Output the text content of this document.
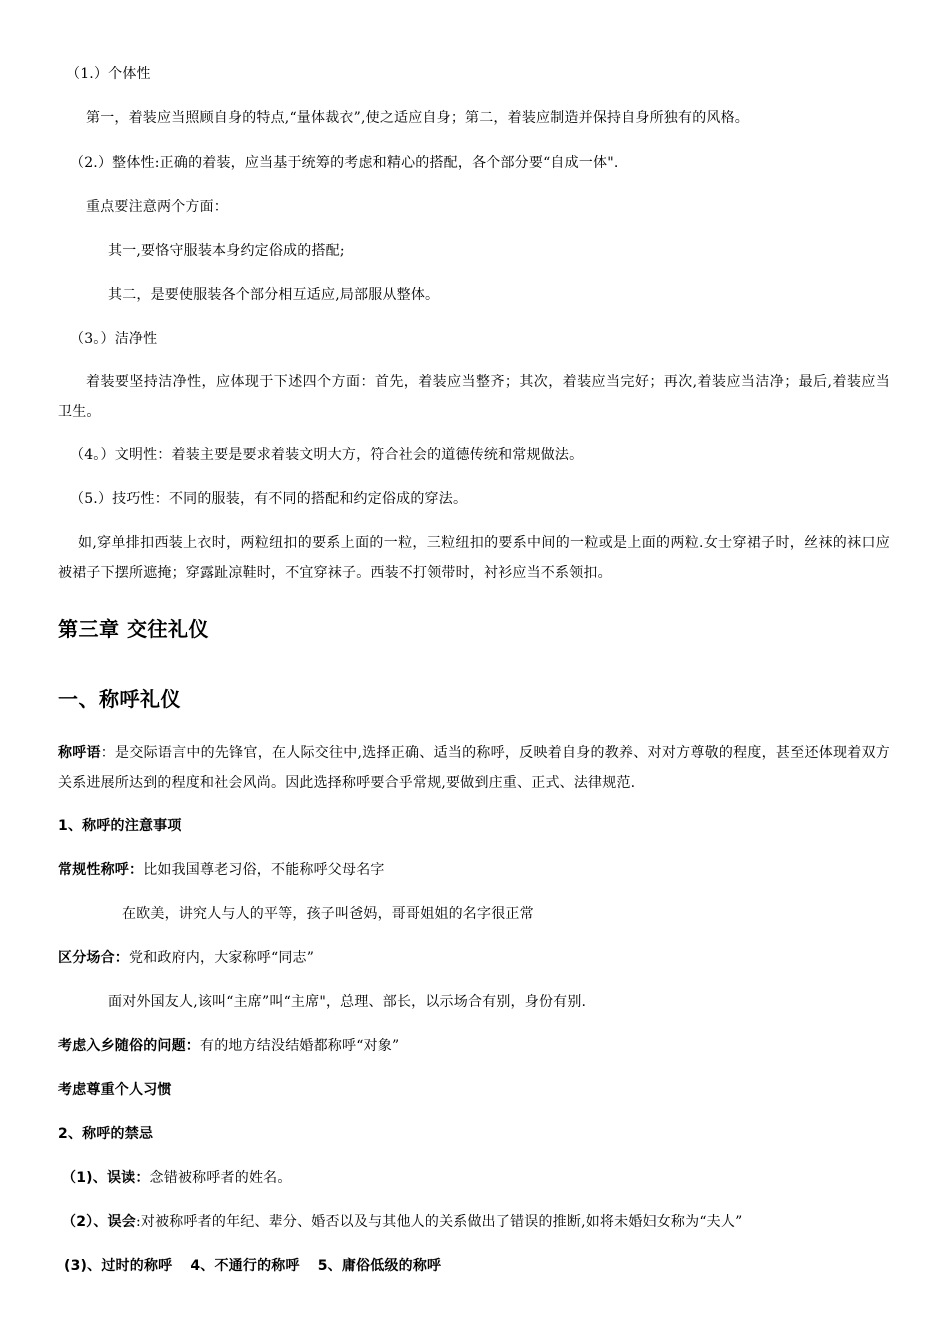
（1.）个体性
第一，着装应当照顾自身的特点,“量体裁衣”,使之适应自身；第二，着装应制造并保持自身所独有的风格。
（2.）整体性:正确的着装，应当基于统筹的考虑和精心的搭配，各个部分要“自成一体".
重点要注意两个方面：
其一,要恪守服装本身约定俗成的搭配;
其二，是要使服装各个部分相互适应,局部服从整体。
（3。）洁净性
着装要坚持洁净性，应体现于下述四个方面：首先，着装应当整齐；其次，着装应当完好；再次,着装应当洁净；最后,着装应当卫生。
（4。）文明性：着装主要是要求着装文明大方，符合社会的道德传统和常规做法。
（5.）技巧性：不同的服装，有不同的搭配和约定俗成的穿法。
如,穿单排扣西装上衣时，两粒纽扣的要系上面的一粒，三粒纽扣的要系中间的一粒或是上面的两粒.女士穿裙子时，丝袜的袜口应被裙子下摆所遮掩；穿露趾凉鞋时，不宜穿袜子。西装不打领带时，衬衫应当不系领扣。
第三章 交往礼仪
一、称呼礼仪
称呼语：是交际语言中的先锋官，在人际交往中,选择正确、适当的称呼，反映着自身的教养、对对方尊敬的程度，甚至还体现着双方关系进展所达到的程度和社会风尚。因此选择称呼要合乎常规,要做到庄重、正式、法律规范.
1、称呼的注意事项
常规性称呼：比如我国尊老习俗，不能称呼父母名字
在欧美，讲究人与人的平等，孩子叫爸妈，哥哥姐姐的名字很正常
区分场合：党和政府内，大家称呼“同志”
面对外国友人,该叫“主席”叫“主席"，总理、部长，以示场合有别，身份有别.
考虑入乡随俗的问题：有的地方结没结婚都称呼“对象”
考虑尊重个人习惯
2、称呼的禁忌
（1)、误读：念错被称呼者的姓名。
（2）、误会:对被称呼者的年纪、辈分、婚否以及与其他人的关系做出了错误的推断,如将未婚妇女称为“夫人”
(3)、过时的称呼 4、不通行的称呼 5、庸俗低级的称呼
